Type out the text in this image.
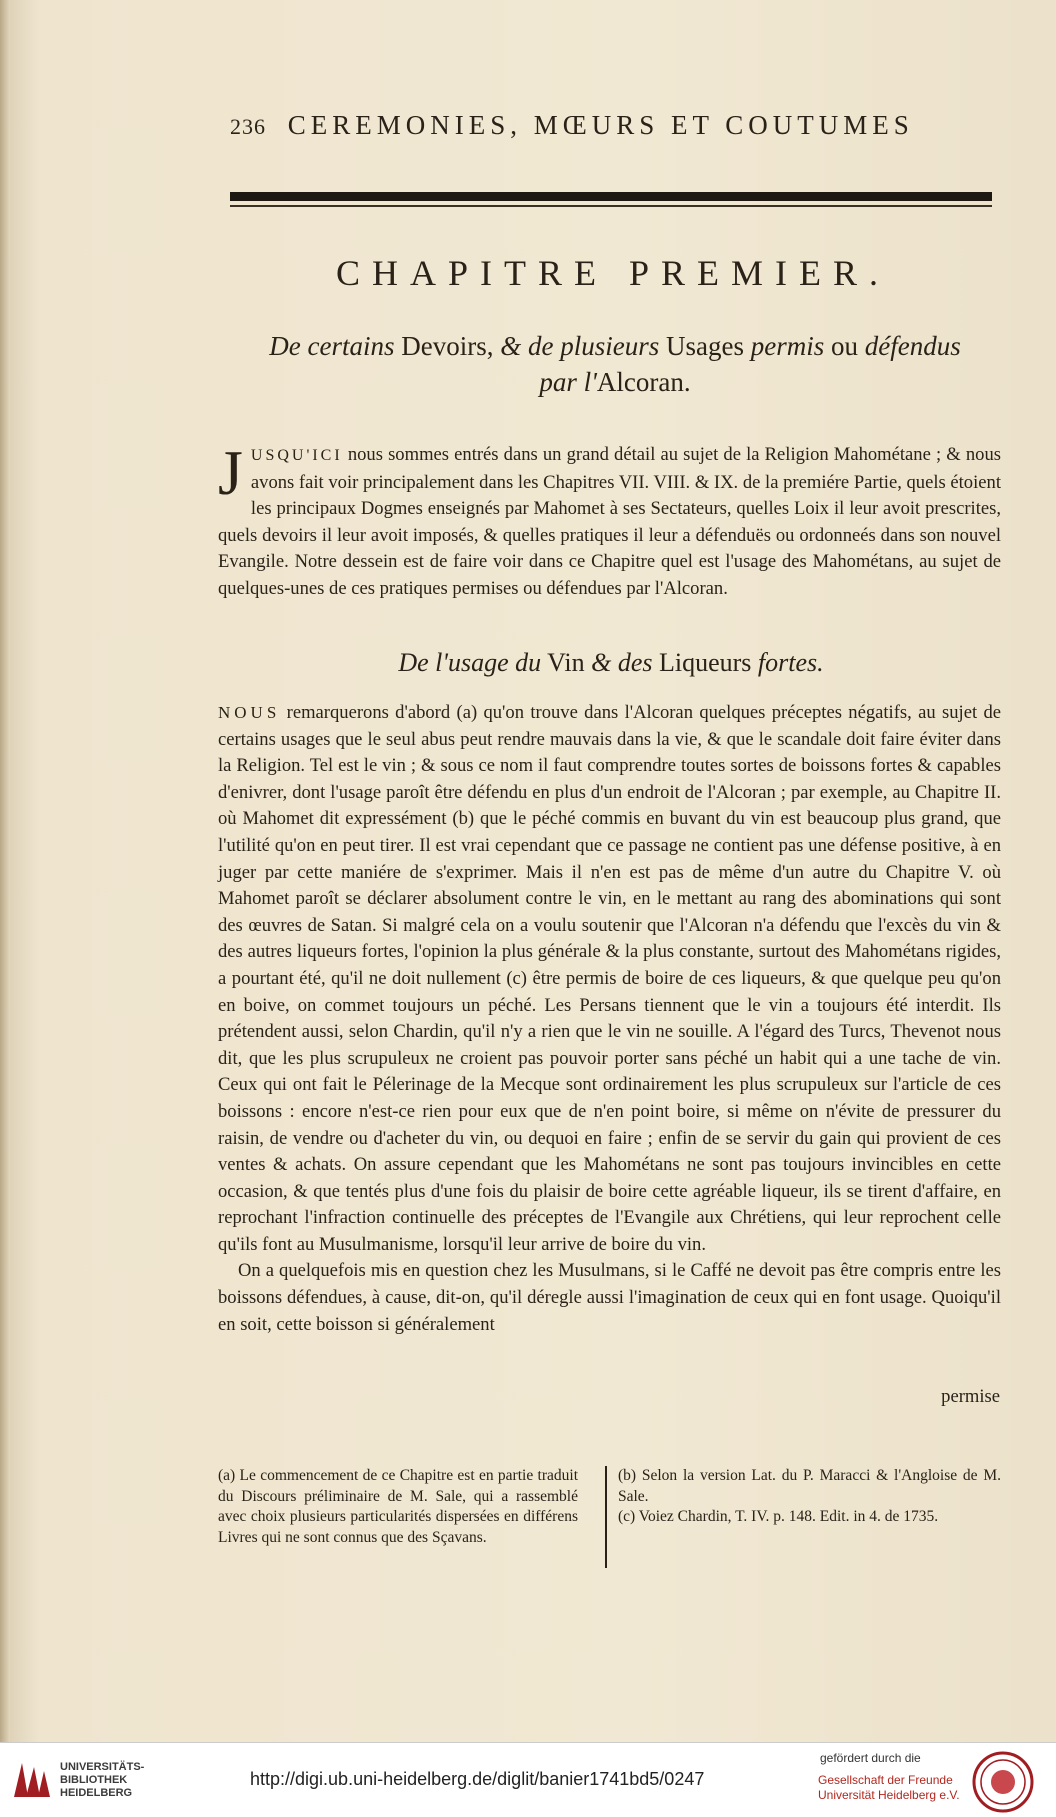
236 CEREMONIES, MŒURS ET COUTUMES
CHAPITRE PREMIER.
De certains Devoirs, & de plusieurs Usages permis ou défendus
par l'Alcoran.

JUSQU'ICI nous sommes entrés dans un grand détail au sujet de la Religion Mahométane ; & nous avons fait voir principalement dans les Chapitres VII. VIII. & IX. de la premiére Partie, quels étoient les principaux Dogmes enseignés par Mahomet à ses Sectateurs, quelles Loix il leur avoit prescrites, quels devoirs il leur avoit imposés, & quelles pratiques il leur a défenduës ou ordonneés dans son nouvel Evangile. Notre dessein est de faire voir dans ce Chapitre quel est l'usage des Mahométans, au sujet de quelques-unes de ces pratiques permises ou défendues par l'Alcoran.

De l'usage du Vin & des Liqueurs fortes.

NOUS remarquerons d'abord (a) qu'on trouve dans l'Alcoran quelques préceptes négatifs, au sujet de certains usages que le seul abus peut rendre mauvais dans la vie, & que le scandale doit faire éviter dans la Religion. Tel est le vin ; & sous ce nom il faut comprendre toutes sortes de boissons fortes & capables d'enivrer, dont l'usage paroît être défendu en plus d'un endroit de l'Alcoran ; par exemple, au Chapitre II. où Mahomet dit expressément (b) que le péché commis en buvant du vin est beaucoup plus grand, que l'utilité qu'on en peut tirer. Il est vrai cependant que ce passage ne contient pas une défense positive, à en juger par cette maniére de s'exprimer. Mais il n'en est pas de même d'un autre du Chapitre V. où Mahomet paroît se déclarer absolument contre le vin, en le mettant au rang des abominations qui sont des œuvres de Satan. Si malgré cela on a voulu soutenir que l'Alcoran n'a défendu que l'excès du vin & des autres liqueurs fortes, l'opinion la plus générale & la plus constante, surtout des Mahométans rigides, a pourtant été, qu'il ne doit nullement (c) être permis de boire de ces liqueurs, & que quelque peu qu'on en boive, on commet toujours un péché. Les Persans tiennent que le vin a toujours été interdit. Ils prétendent aussi, selon Chardin, qu'il n'y a rien que le vin ne souille. A l'égard des Turcs, Thevenot nous dit, que les plus scrupuleux ne croient pas pouvoir porter sans péché un habit qui a une tache de vin. Ceux qui ont fait le Pélerinage de la Mecque sont ordinairement les plus scrupuleux sur l'article de ces boissons : encore n'est-ce rien pour eux que de n'en point boire, si même on n'évite de pressurer du raisin, de vendre ou d'acheter du vin, ou dequoi en faire ; enfin de se servir du gain qui provient de ces ventes & achats. On assure cependant que les Mahométans ne sont pas toujours invincibles en cette occasion, & que tentés plus d'une fois du plaisir de boire cette agréable liqueur, ils se tirent d'affaire, en reprochant l'infraction continuelle des préceptes de l'Evangile aux Chrétiens, qui leur reprochent celle qu'ils font au Musulmanisme, lorsqu'il leur arrive de boire du vin.

On a quelquefois mis en question chez les Musulmans, si le Caffé ne devoit pas être compris entre les boissons défendues, à cause, dit-on, qu'il déregle aussi l'imagination de ceux qui en font usage. Quoiqu'il en soit, cette boisson si généralement

permise
(a) Le commencement de ce Chapitre est en partie traduit du Discours préliminaire de M. Sale, qui a rassemblé avec choix plusieurs particularités dispersées en différens Livres qui ne sont connus que des Sçavans.
(b) Selon la version Lat. du P. Maracci & l'Angloise de M. Sale.
(c) Voiez Chardin, T. IV. p. 148. Edit. in 4. de 1735.
UNIVERSITÄTS-
BIBLIOTHEK
HEIDELBERG
http://digi.ub.uni-heidelberg.de/diglit/banier1741bd5/0247
gefördert durch die
Gesellschaft der Freunde
Universität Heidelberg e.V.
